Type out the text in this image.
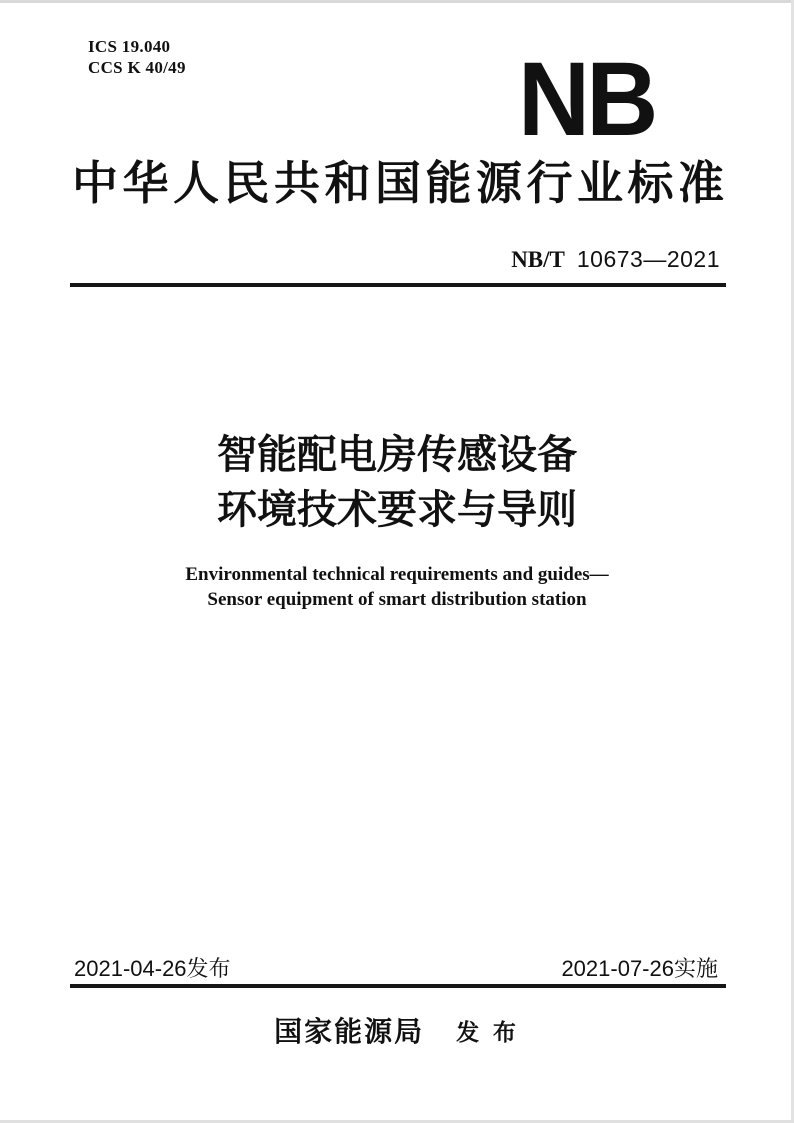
ICS 19.040
CCS K 40/49	NB
中华人民共和国能源行业标准
NB/T 10673—2021
智能配电房传感设备
环境技术要求与导则
Environmental technical requirements and guides—
Sensor equipment of smart distribution station
2021-04-26发布	2021-07-26实施
国家能源局 发 布
